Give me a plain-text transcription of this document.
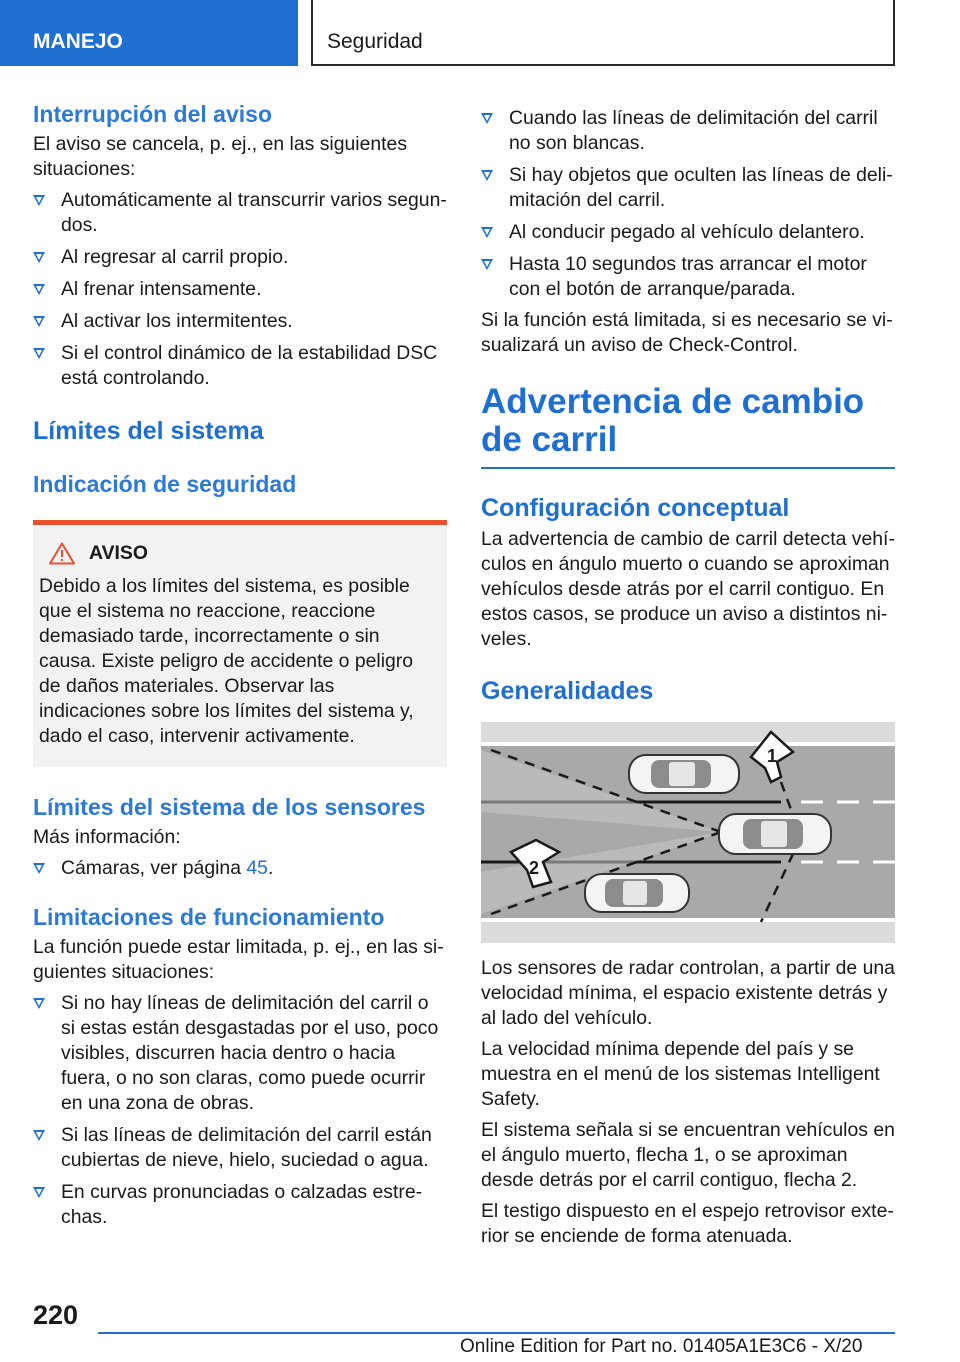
MANEJO	Seguridad
Interrupción del aviso

El aviso se cancela, p. ej., en las siguientes situaciones:

Automáticamente al transcurrir varios segundos.
Al regresar al carril propio.
Al frenar intensamente.
Al activar los intermitentes.
Si el control dinámico de la estabilidad DSC está controlando.
Límites del sistema
Indicación de seguridad
AVISO

Debido a los límites del sistema, es posible que el sistema no reaccione, reaccione demasiado tarde, incorrectamente o sin causa. Existe peligro de accidente o peligro de daños materiales. Observar las indicaciones sobre los límites del sistema y, dado el caso, intervenir activamente.

Límites del sistema de los sensores

Más información:

Cámaras, ver página 45.
Limitaciones de funcionamiento

La función puede estar limitada, p. ej., en las siguientes situaciones:

Si no hay líneas de delimitación del carril o si estas están desgastadas por el uso, poco visibles, discurren hacia dentro o hacia fuera, o no son claras, como puede ocurrir en una zona de obras.
Si las líneas de delimitación del carril están cubiertas de nieve, hielo, suciedad o agua.
En curvas pronunciadas o calzadas estrechas.
Cuando las líneas de delimitación del carril no son blancas.
Si hay objetos que oculten las líneas de delimitación del carril.
Al conducir pegado al vehículo delantero.
Hasta 10 segundos tras arrancar el motor con el botón de arranque/parada.

Si la función está limitada, si es necesario se visualizará un aviso de Check-Control.

Advertencia de cambio de carril
Configuración conceptual

La advertencia de cambio de carril detecta vehículos en ángulo muerto o cuando se aproximan vehículos desde atrás por el carril contiguo. En estos casos, se produce un aviso a distintos niveles.

Generalidades
1
2

Los sensores de radar controlan, a partir de una velocidad mínima, el espacio existente detrás y al lado del vehículo.

La velocidad mínima depende del país y se muestra en el menú de los sistemas Intelligent Safety.

El sistema señala si se encuentran vehículos en el ángulo muerto, flecha 1, o se aproximan desde detrás por el carril contiguo, flecha 2.

El testigo dispuesto en el espejo retrovisor exterior se enciende de forma atenuada.

220
Online Edition for Part no. 01405A1E3C6 - X/20
